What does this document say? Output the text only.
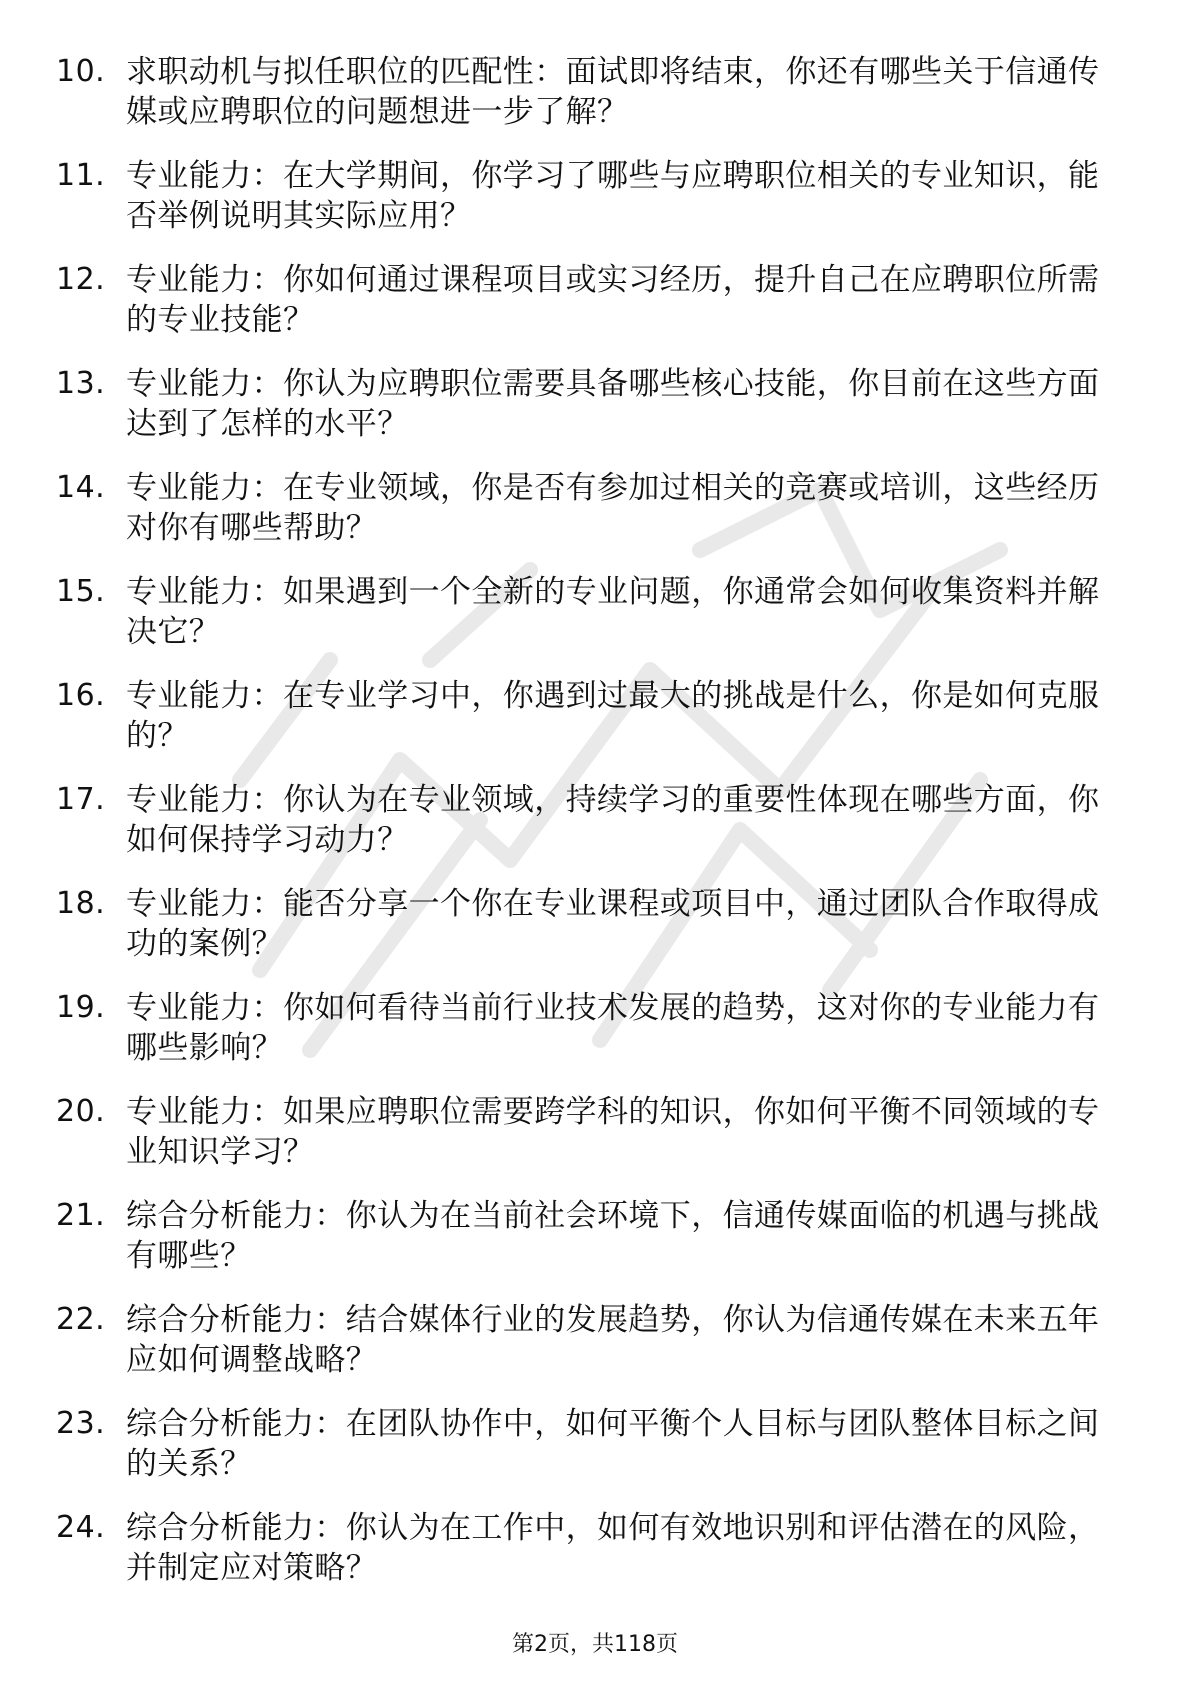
10. 求职动机与拟任职位的匹配性：面试即将结束，你还有哪些关于信通传媒或应聘职位的问题想进一步了解？
11. 专业能力：在大学期间，你学习了哪些与应聘职位相关的专业知识，能否举例说明其实际应用？
12. 专业能力：你如何通过课程项目或实习经历，提升自己在应聘职位所需的专业技能？
13. 专业能力：你认为应聘职位需要具备哪些核心技能，你目前在这些方面达到了怎样的水平？
14. 专业能力：在专业领域，你是否有参加过相关的竞赛或培训，这些经历对你有哪些帮助？
15. 专业能力：如果遇到一个全新的专业问题，你通常会如何收集资料并解决它？
16. 专业能力：在专业学习中，你遇到过最大的挑战是什么，你是如何克服的？
17. 专业能力：你认为在专业领域，持续学习的重要性体现在哪些方面，你如何保持学习动力？
18. 专业能力：能否分享一个你在专业课程或项目中，通过团队合作取得成功的案例？
19. 专业能力：你如何看待当前行业技术发展的趋势，这对你的专业能力有哪些影响？
20. 专业能力：如果应聘职位需要跨学科的知识，你如何平衡不同领域的专业知识学习？
21. 综合分析能力：你认为在当前社会环境下，信通传媒面临的机遇与挑战有哪些？
22. 综合分析能力：结合媒体行业的发展趋势，你认为信通传媒在未来五年应如何调整战略？
23. 综合分析能力：在团队协作中，如何平衡个人目标与团队整体目标之间的关系？
24. 综合分析能力：你认为在工作中，如何有效地识别和评估潜在的风险，并制定应对策略？
第2页，共118页
